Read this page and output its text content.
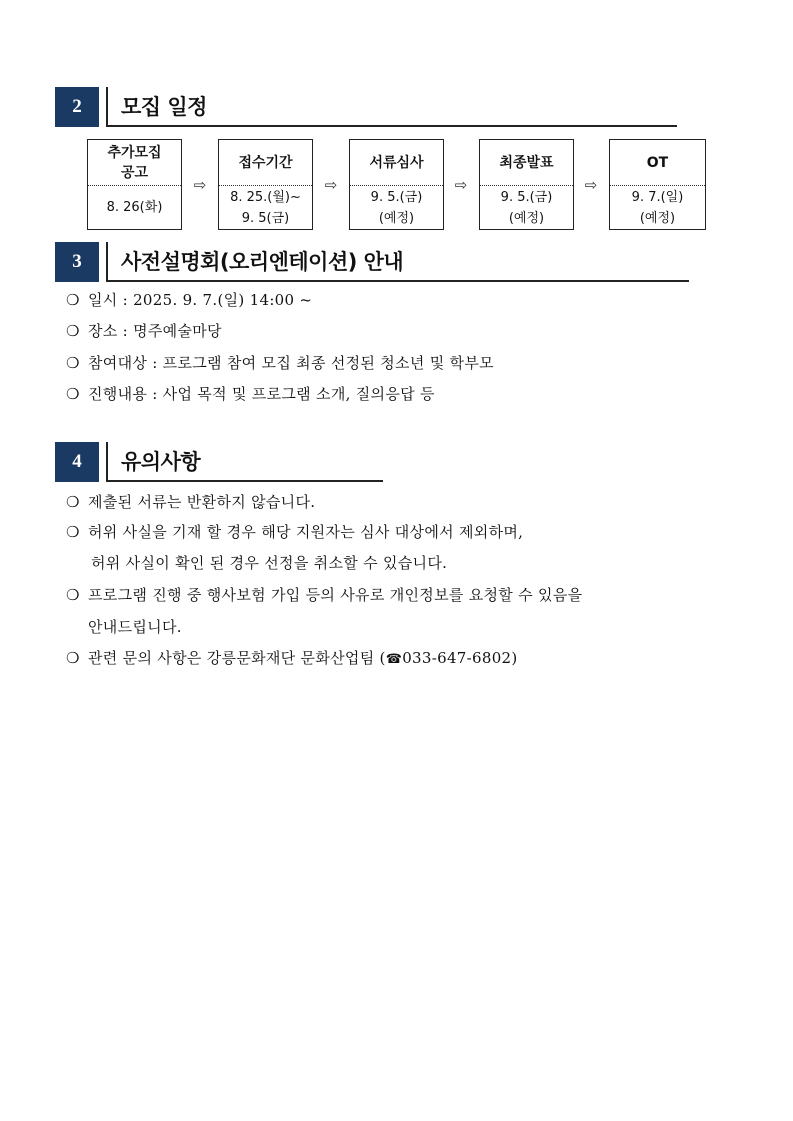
2	모집 일정
추가모집
공고
8. 26(화)
⇨
접수기간
8. 25.(월)~
9. 5(금)
⇨
서류심사
9. 5.(금)
(예정)
⇨
최종발표
9. 5.(금)
(예정)
⇨
OT
9. 7.(일)
(예정)
3	사전설명회(오리엔테이션) 안내
❍ 일시 : 2025. 9. 7.(일) 14:00 ~
❍ 장소 : 명주예술마당
❍ 참여대상 : 프로그램 참여 모집 최종 선정된 청소년 및 학부모
❍ 진행내용 : 사업 목적 및 프로그램 소개, 질의응답 등
4	유의사항
❍ 제출된 서류는 반환하지 않습니다.
❍ 허위 사실을 기재 할 경우 해당 지원자는 심사 대상에서 제외하며,
허위 사실이 확인 된 경우 선정을 취소할 수 있습니다.
❍ 프로그램 진행 중 행사보험 가입 등의 사유로 개인정보를 요청할 수 있음을
안내드립니다.
❍ 관련 문의 사항은 강릉문화재단 문화산업팀 (☎033-647-6802)
